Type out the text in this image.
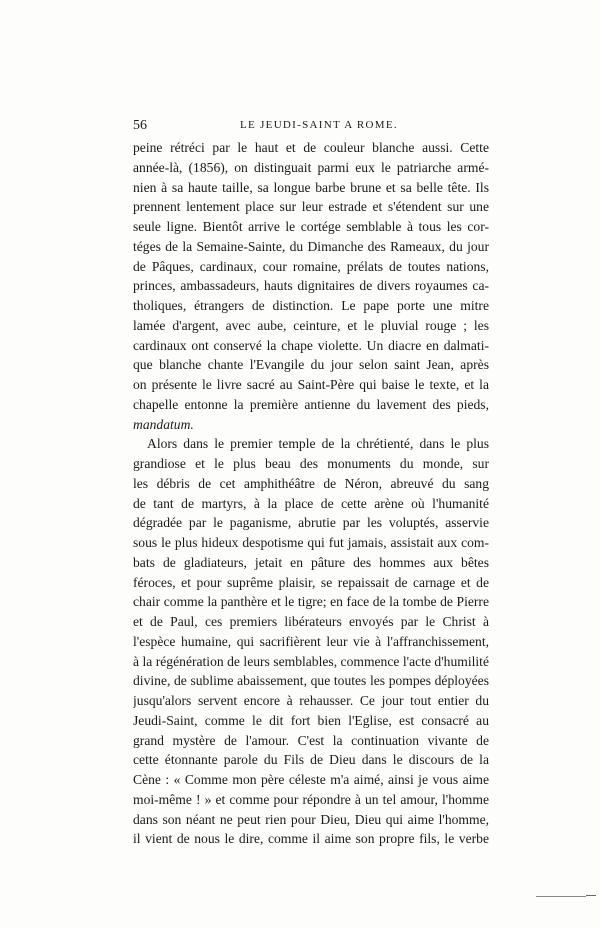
56	LE JEUDI-SAINT A ROME.
peine rétréci par le haut et de couleur blanche aussi. Cette
année-là, (1856), on distinguait parmi eux le patriarche armé-
nien à sa haute taille, sa longue barbe brune et sa belle tête. Ils
prennent lentement place sur leur estrade et s'étendent sur une
seule ligne. Bientôt arrive le cortége semblable à tous les cor-
téges de la Semaine-Sainte, du Dimanche des Rameaux, du jour
de Pâques, cardinaux, cour romaine, prélats de toutes nations,
princes, ambassadeurs, hauts dignitaires de divers royaumes ca-
tholiques, étrangers de distinction. Le pape porte une mitre
lamée d'argent, avec aube, ceinture, et le pluvial rouge ; les
cardinaux ont conservé la chape violette. Un diacre en dalmati-
que blanche chante l'Evangile du jour selon saint Jean, après
on présente le livre sacré au Saint-Père qui baise le texte, et la
chapelle entonne la première antienne du lavement des pieds,
mandatum.
Alors dans le premier temple de la chrétienté, dans le plus
grandiose et le plus beau des monuments du monde, sur
les débris de cet amphithéâtre de Néron, abreuvé du sang
de tant de martyrs, à la place de cette arène où l'humanité
dégradée par le paganisme, abrutie par les voluptés, asservie
sous le plus hideux despotisme qui fut jamais, assistait aux com-
bats de gladiateurs, jetait en pâture des hommes aux bêtes
féroces, et pour suprême plaisir, se repaissait de carnage et de
chair comme la panthère et le tigre; en face de la tombe de Pierre
et de Paul, ces premiers libérateurs envoyés par le Christ à
l'espèce humaine, qui sacrifièrent leur vie à l'affranchissement,
à la régénération de leurs semblables, commence l'acte d'humilité
divine, de sublime abaissement, que toutes les pompes déployées
jusqu'alors servent encore à rehausser. Ce jour tout entier du
Jeudi-Saint, comme le dit fort bien l'Eglise, est consacré au
grand mystère de l'amour. C'est la continuation vivante de
cette étonnante parole du Fils de Dieu dans le discours de la
Cène : « Comme mon père céleste m'a aimé, ainsi je vous aime
moi-même ! » et comme pour répondre à un tel amour, l'homme
dans son néant ne peut rien pour Dieu, Dieu qui aime l'homme,
il vient de nous le dire, comme il aime son propre fils, le verbe
